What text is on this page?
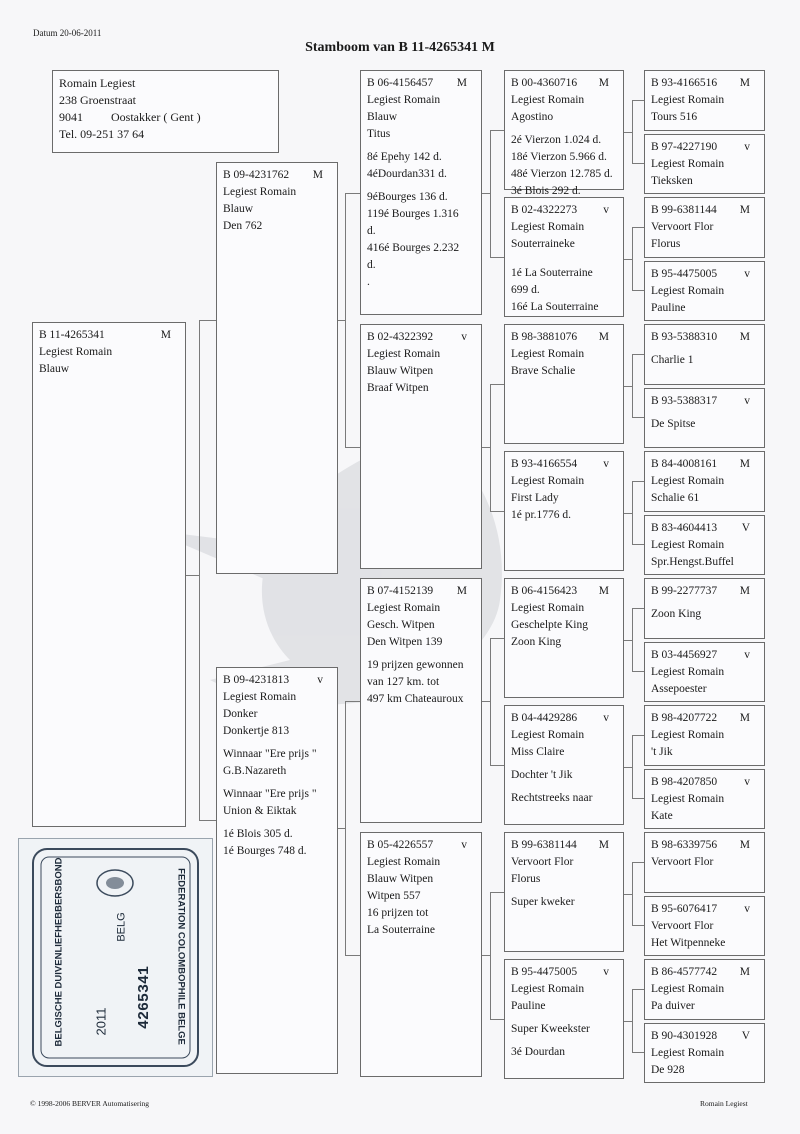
Datum 20-06-2011
Stamboom van B 11-4265341 M
Romain Legiest
238 Groenstraat
9041 Oostakker ( Gent )
Tel. 09-251 37 64
B 11-4265341	M
Legiest Romain
Blauw
B 09-4231762 M
Legiest Romain
Blauw
Den 762
B 09-4231813 v
Legiest Romain
Donker
Donkertje 813
Winnaar "Ere prijs "
G.B.Nazareth
Winnaar "Ere prijs "
Union & Eiktak
1é Blois 305 d.
1é Bourges 748 d.
B 06-4156457 M
Legiest Romain
Blauw
Titus
8é Epehy 142 d.
4éDourdan331 d.
9éBourges 136 d.
119é Bourges 1.316
d.
416é Bourges 2.232
d.
.
B 02-4322392 v
Legiest Romain
Blauw Witpen
Braaf Witpen
B 07-4152139 M
Legiest Romain
Gesch. Witpen
Den Witpen 139
19 prijzen gewonnen
van 127 km. tot
497 km Chateauroux
B 05-4226557 v
Legiest Romain
Blauw Witpen
Witpen 557
16 prijzen tot
La Souterraine
B 00-4360716 M
Legiest Romain
Agostino
2é Vierzon 1.024 d.
18é Vierzon 5.966 d.
48é Vierzon 12.785 d.
3é Blois 292 d.
B 02-4322273 v
Legiest Romain
Souterraineke
1é La Souterraine
699 d.
16é La Souterraine
B 98-3881076 M
Legiest Romain
Brave Schalie
B 93-4166554 v
Legiest Romain
First Lady
1é pr.1776 d.
B 06-4156423 M
Legiest Romain
Geschelpte King
Zoon King
B 04-4429286 v
Legiest Romain
Miss Claire
Dochter 't Jik
Rechtstreeks naar
B 99-6381144 M
Vervoort Flor
Florus
Super kweker
B 95-4475005 v
Legiest Romain
Pauline
Super Kweekster
3é Dourdan
B 93-4166516 M
Legiest Romain
Tours 516
B 97-4227190 v
Legiest Romain
Tieksken
B 99-6381144 M
Vervoort Flor
Florus
B 95-4475005 v
Legiest Romain
Pauline
B 93-5388310 M
Charlie 1
B 93-5388317 v
De Spitse
B 84-4008161 M
Legiest Romain
Schalie 61
B 83-4604413 V
Legiest Romain
Spr.Hengst.Buffel
B 99-2277737 M
Zoon King
B 03-4456927 v
Legiest Romain
Assepoester
B 98-4207722 M
Legiest Romain
't Jik
B 98-4207850 v
Legiest Romain
Kate
B 98-6339756 M
Vervoort Flor
B 95-6076417 v
Vervoort Flor
Het Witpenneke
B 86-4577742 M
Legiest Romain
Pa duiver
B 90-4301928 V
Legiest Romain
De 928
BELGISCHE DUIVENLIEFHEBBERSBOND	FEDERATION COLOMBOPHILE BELGE
2011
BELG
4265341
© 1998-2006 BERVER Automatisering	Romain Legiest
